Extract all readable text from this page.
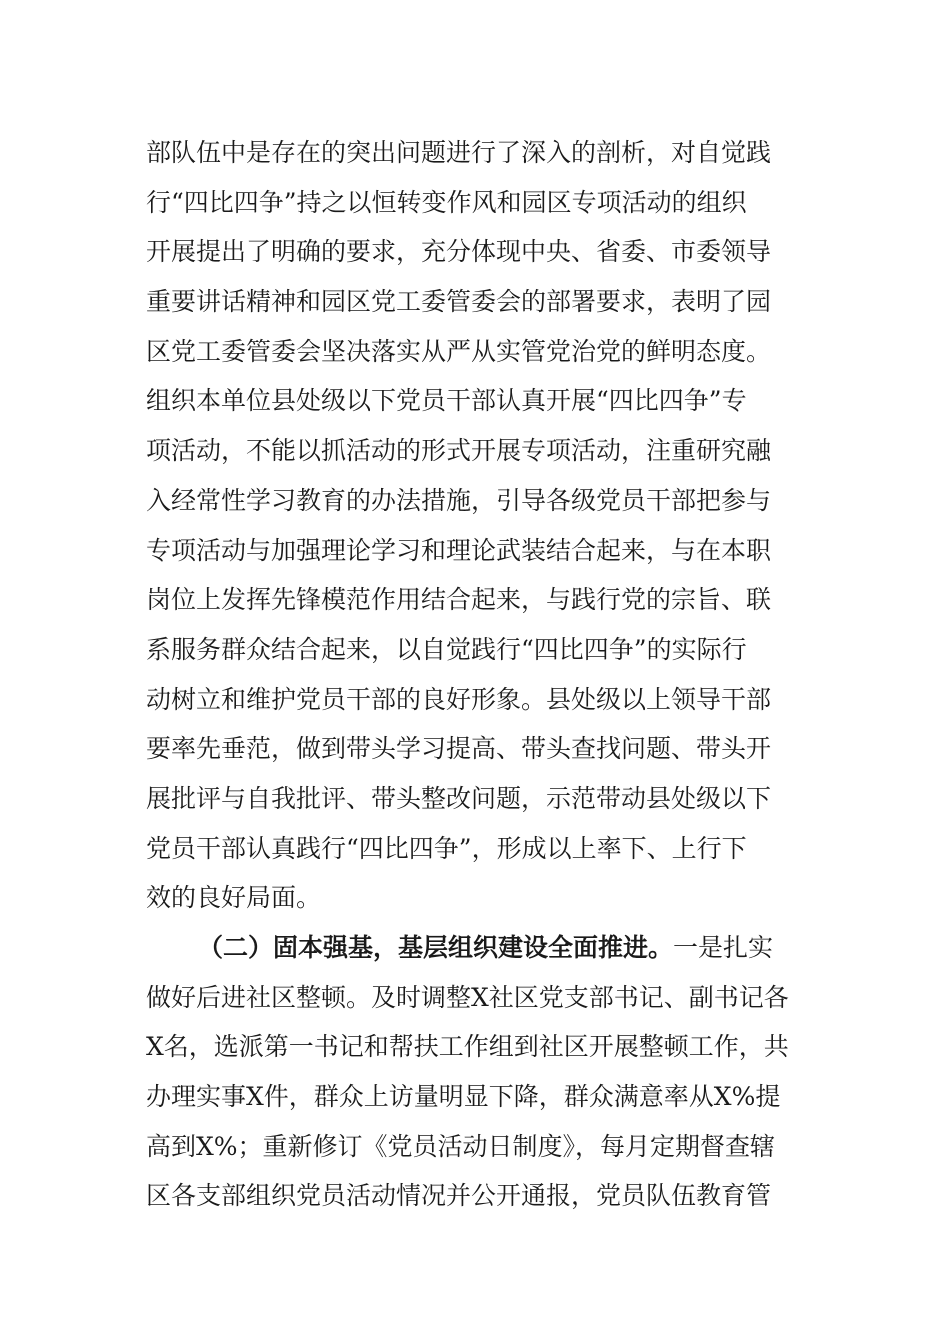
部队伍中是存在的突出问题进行了深入的剖析，对自觉践
行“四比四争”持之以恒转变作风和园区专项活动的组织
开展提出了明确的要求，充分体现中央、省委、市委领导
重要讲话精神和园区党工委管委会的部署要求，表明了园
区党工委管委会坚决落实从严从实管党治党的鲜明态度。
组织本单位县处级以下党员干部认真开展“四比四争”专
项活动，不能以抓活动的形式开展专项活动，注重研究融
入经常性学习教育的办法措施，引导各级党员干部把参与
专项活动与加强理论学习和理论武装结合起来，与在本职
岗位上发挥先锋模范作用结合起来，与践行党的宗旨、联
系服务群众结合起来，以自觉践行“四比四争”的实际行
动树立和维护党员干部的良好形象。县处级以上领导干部
要率先垂范，做到带头学习提高、带头查找问题、带头开
展批评与自我批评、带头整改问题，示范带动县处级以下
党员干部认真践行“四比四争”，形成以上率下、上行下
效的良好局面。
（二）固本强基，基层组织建设全面推进。一是扎实
做好后进社区整顿。及时调整X社区党支部书记、副书记各
X名，选派第一书记和帮扶工作组到社区开展整顿工作，共
办理实事X件，群众上访量明显下降，群众满意率从X%提
高到X%；重新修订《党员活动日制度》，每月定期督查辖
区各支部组织党员活动情况并公开通报，党员队伍教育管
